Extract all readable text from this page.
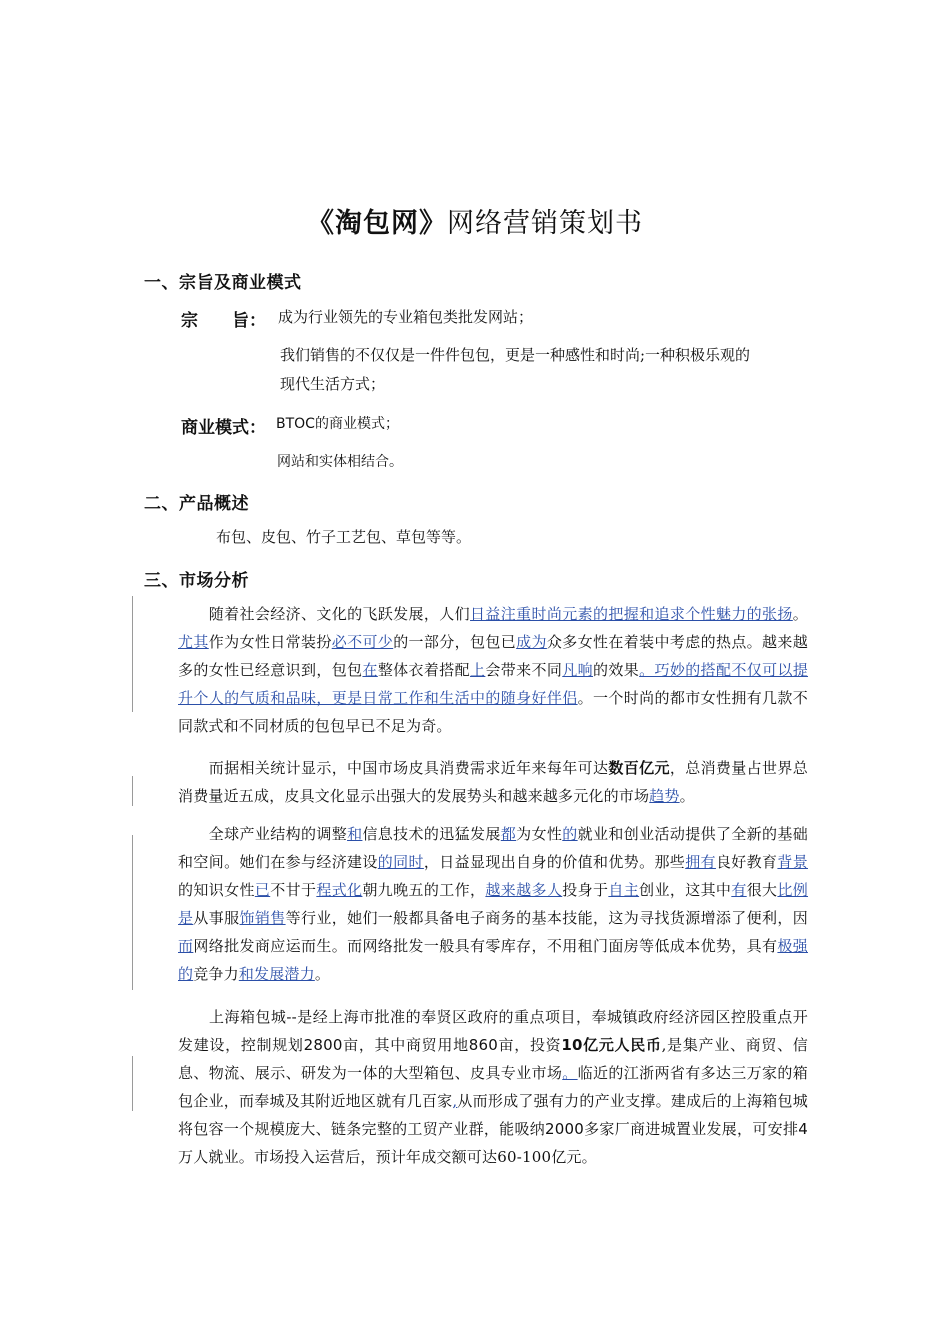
《淘包网》网络营销策划书
一、宗旨及商业模式
宗　　旨： 成为行业领先的专业箱包类批发网站；
我们销售的不仅仅是一件件包包，更是一种感性和时尚;一种积极乐观的
现代生活方式；
商业模式： BTOC的商业模式；
网站和实体相结合。
二、产品概述
布包、皮包、竹子工艺包、草包等等。
三、市场分析
　　随着社会经济、文化的飞跃发展，人们日益注重时尚元素的把握和追求个性魅力的张扬。尤其作为女性日常装扮必不可少的一部分，包包已成为众多女性在着装中考虑的热点。越来越多的女性已经意识到，包包在整体衣着搭配上会带来不同凡响的效果。巧妙的搭配不仅可以提升个人的气质和品味，更是日常工作和生活中的随身好伴侣。一个时尚的都市女性拥有几款不同款式和不同材质的包包早已不足为奇。
　　而据相关统计显示，中国市场皮具消费需求近年来每年可达数百亿元，总消费量占世界总消费量近五成，皮具文化显示出强大的发展势头和越来越多元化的市场趋势。
　　全球产业结构的调整和信息技术的迅猛发展都为女性的就业和创业活动提供了全新的基础和空间。她们在参与经济建设的同时，日益显现出自身的价值和优势。那些拥有良好教育背景的知识女性已不甘于程式化朝九晚五的工作，越来越多人投身于自主创业，这其中有很大比例是从事服饰销售等行业，她们一般都具备电子商务的基本技能，这为寻找货源增添了便利，因而网络批发商应运而生。而网络批发一般具有零库存，不用租门面房等低成本优势，具有极强的竞争力和发展潜力。
　　上海箱包城--是经上海市批准的奉贤区政府的重点项目，奉城镇政府经济园区控股重点开发建设，控制规划2800亩，其中商贸用地860亩，投资10亿元人民币,是集产业、商贸、信息、物流、展示、研发为一体的大型箱包、皮具专业市场。临近的江浙两省有多达三万家的箱包企业，而奉城及其附近地区就有几百家,从而形成了强有力的产业支撑。建成后的上海箱包城将包容一个规模庞大、链条完整的工贸产业群，能吸纳2000多家厂商进城置业发展，可安排4万人就业。市场投入运营后，预计年成交额可达60-100亿元。
